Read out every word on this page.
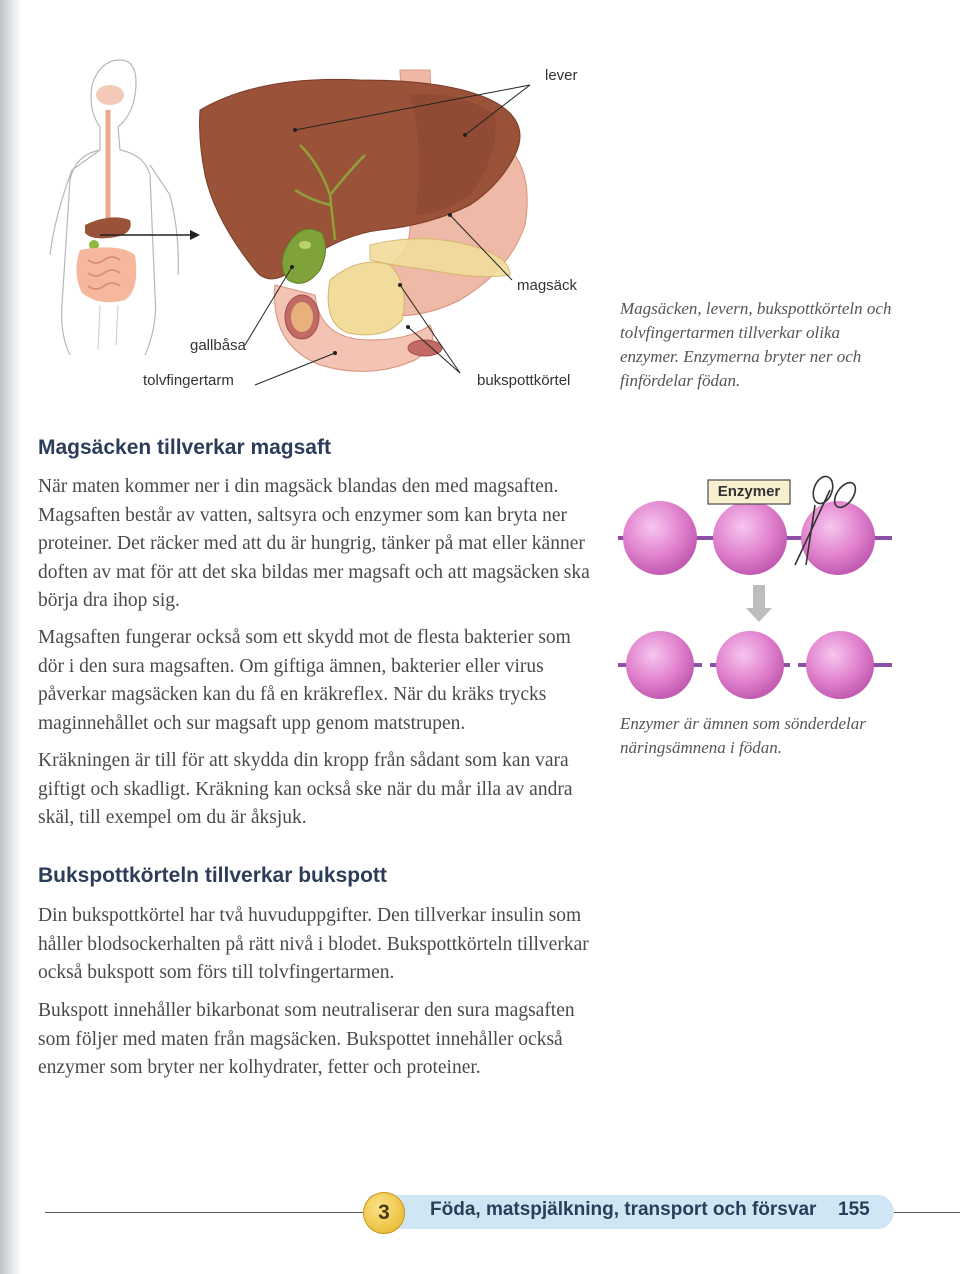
lever
magsäck
gallbåsa
tolvfingertarm	bukspottkörtel
Magsäcken, levern, bukspottkörteln och tolvfingertarmen tillverkar olika enzymer. Enzymerna bryter ner och finfördelar födan.
Magsäcken tillverkar magsaft

När maten kommer ner i din magsäck blandas den med magsaften. Magsaften består av vatten, saltsyra och enzymer som kan bryta ner proteiner. Det räcker med att du är hungrig, tänker på mat eller känner doften av mat för att det ska bildas mer magsaft och att magsäcken ska börja dra ihop sig.

Magsaften fungerar också som ett skydd mot de flesta bakterier som dör i den sura magsaften. Om giftiga ämnen, bakterier eller virus påverkar magsäcken kan du få en kräkreflex. När du kräks trycks maginnehållet och sur magsaft upp genom matstrupen.

Kräkningen är till för att skydda din kropp från sådant som kan vara giftigt och skadligt. Kräkning kan också ske när du mår illa av andra skäl, till exempel om du är åksjuk.

Enzymer
Enzymer är ämnen som sönderdelar näringsämnena i födan.
Bukspottkörteln tillverkar bukspott

Din bukspottkörtel har två huvuduppgifter. Den tillverkar insulin som håller blodsockerhalten på rätt nivå i blodet. Bukspottkörteln tillverkar också bukspott som förs till tolvfingertarmen.

Bukspott innehåller bikarbonat som neutraliserar den sura magsaften som följer med maten från magsäcken. Bukspottet innehåller också enzymer som bryter ner kolhydrater, fetter och proteiner.

3	Föda, matspjälkning, transport och försvar 155
